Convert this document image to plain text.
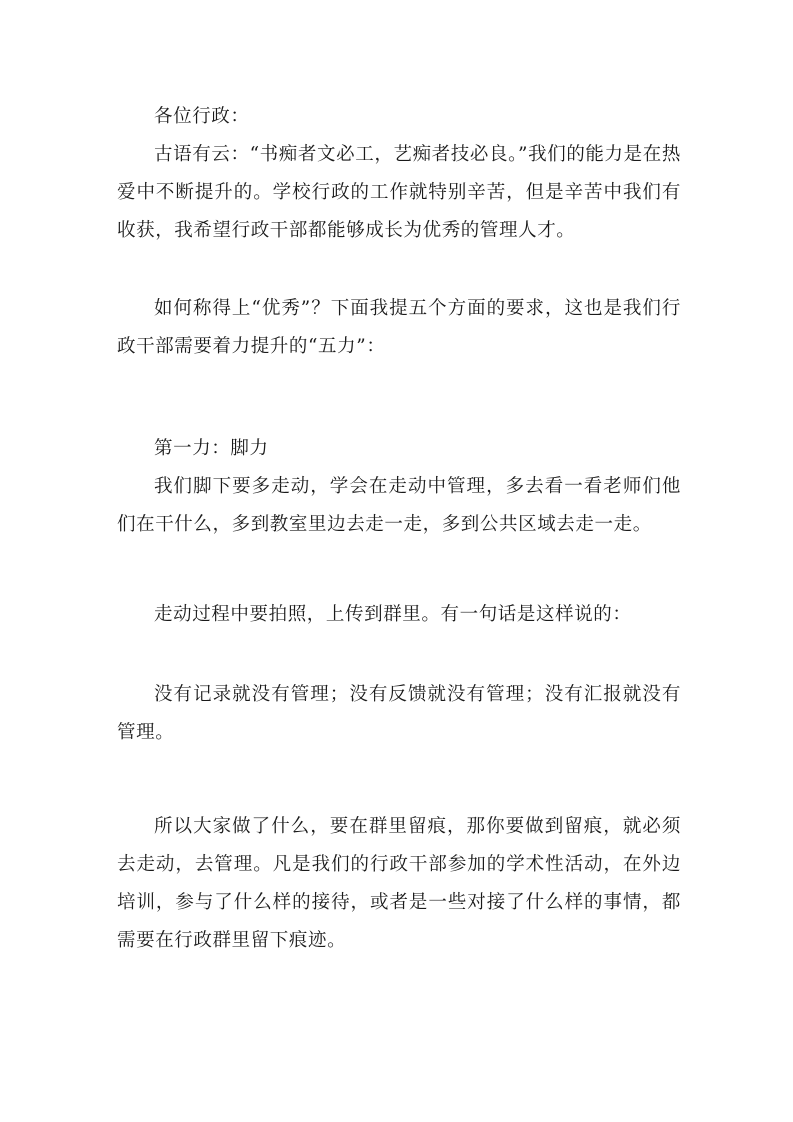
各位行政：

古语有云：“书痴者文必工，艺痴者技必良。”我们的能力是在热爱中不断提升的。学校行政的工作就特别辛苦，但是辛苦中我们有收获，我希望行政干部都能够成长为优秀的管理人才。

如何称得上“优秀”？下面我提五个方面的要求，这也是我们行政干部需要着力提升的“五力”：

第一力：脚力

我们脚下要多走动，学会在走动中管理，多去看一看老师们他们在干什么，多到教室里边去走一走，多到公共区域去走一走。

走动过程中要拍照，上传到群里。有一句话是这样说的：

没有记录就没有管理；没有反馈就没有管理；没有汇报就没有管理。

所以大家做了什么，要在群里留痕，那你要做到留痕，就必须去走动，去管理。凡是我们的行政干部参加的学术性活动，在外边培训，参与了什么样的接待，或者是一些对接了什么样的事情，都需要在行政群里留下痕迹。
